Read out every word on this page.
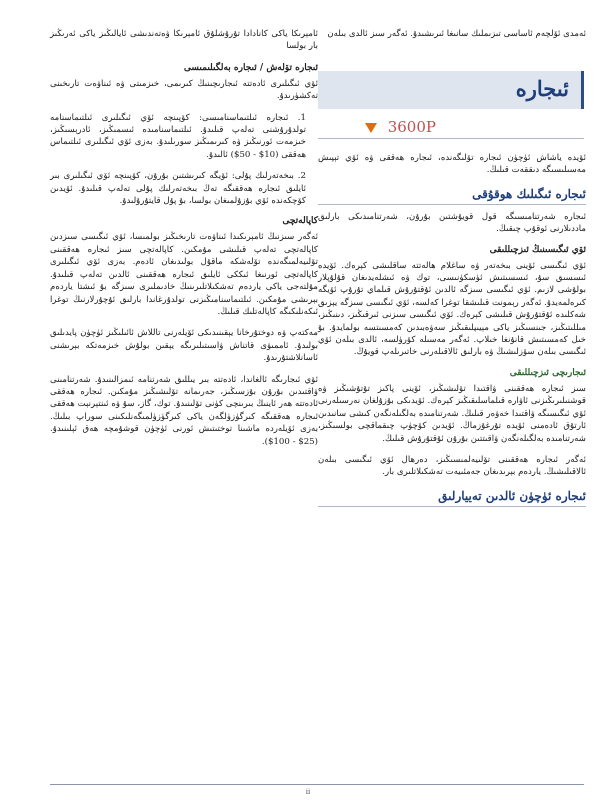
ئەمدى ئۆلچەم ئاساسى تىزىملىك سانىغا ئىرىشىدۇ. ئەگەر سىز ئالدى بىلەن

ئىجارە
3600P

ئۆيدە ياشاش ئۈچۈن ئىجارە تۆلىگەندە، ئىجارە ھەققى ۋە ئۆي تېپىش مەسىلىسىگە دىققەت قىلىڭ.

ئىجارە ئىگىلىك ھوقۇقى

ئىجارە شەرتنامىسىگە قول قويۇشتىن بۇرۇن، شەرتنامىدىكى بارلىق ماددىلارنى ئوقۇپ چىقىڭ.

ئۆي ئىگىسىنىڭ ئىزچىللىقى

ئۆي ئىگىسى ئۆينى بىخەتەر ۋە ساغلام ھالەتتە ساقلىشى كېرەك. ئۆيدە ئىسسىق سۇ، ئىسسىتىش ئۈسكۈنىسى، توك ۋە ئىشلەيدىغان قۇلۇپلار بولۇشى لازىم. ئۆي ئىگىسى سىزگە ئالدىن ئۇقتۇرۇش قىلماي تۇرۇپ ئۆيگە كىرەلمەيدۇ. ئەگەر رېمونت قىلىشقا توغرا كەلسە، ئۆي ئىگىسى سىزگە يېزىق شەكلىدە ئۇقتۇرۇش قىلىشى كېرەك. ئۆي ئىگىسى سىزنى ئىرقىڭىز، دىنىڭىز، مىللىتىڭىز، جىنسىڭىز ياكى مېيىپلىقىڭىز سەۋەبىدىن كەمسىتسە بولمايدۇ. بۇ خىل كەمسىتىش قانۇنغا خىلاپ. ئەگەر مەسىلە كۆرۈلسە، ئالدى بىلەن ئۆي ئىگىسى بىلەن سۆزلىشىڭ ۋە بارلىق ئالاقىلەرنى خاتىرىلەپ قويۇڭ.

ئىجارىچى ئىزچىللىقى

سىز ئىجارە ھەققىنى ۋاقتىدا تۆلىشىڭىز، ئۆينى پاكىز تۇتۇشىڭىز ۋە قوشنىلىرىڭىزنى ئاۋارە قىلماسلىقىڭىز كېرەك. ئۆيدىكى بۇزۇلغان نەرسىلەرنى ئۆي ئىگىسىگە ۋاقتىدا خەۋەر قىلىڭ. شەرتنامىدە بەلگىلەنگەن كىشى سانىدىن ئارتۇق ئادەمنى ئۆيدە تۇرغۇزماڭ. ئۆيدىن كۆچۈپ چىقماقچى بولسىڭىز، شەرتنامىدە بەلگىلەنگەن ۋاقىتتىن بۇرۇن ئۇقتۇرۇش قىلىڭ.

ئەگەر ئىجارە ھەققىنى تۆلىيەلمىسىڭىز، دەرھال ئۆي ئىگىسى بىلەن ئالاقىلىشىڭ. ياردەم بېرىدىغان جەمئىيەت تەشكىلاتلىرى بار.

ئىجارە ئۈچۈن ئالدىن تەييارلىق

ئامېرىكا ياكى كانادادا تۇرۇشلۇق ئامېرىكا ۋەتەندىشى ئايالىڭىز ياكى ئەرىڭىز بار بولسا

ئىجارە تۆلەش / ئىجارە بەلگىلىمىسى

ئۆي ئىگىلىرى ئادەتتە ئىجارىچىنىڭ كىرىمى، خىزمىتى ۋە ئىناۋەت تارىخىنى تەكشۈرىدۇ.

1. ئىجارە ئىلتىماسنامىسى: كۆپىنچە ئۆي ئىگىلىرى ئىلتىماسنامە تولدۇرۇشنى تەلەپ قىلىدۇ. ئىلتىماسنامىدە ئىسمىڭىز، ئادرېسىڭىز، خىزمەت ئورنىڭىز ۋە كىرىمىڭىز سورىلىدۇ. بەزى ئۆي ئىگىلىرى ئىلتىماس ھەققى (10$ - 50$) ئالىدۇ.

2. بىخەتەرلىك پۇلى: ئۆيگە كىرىشتىن بۇرۇن، كۆپىنچە ئۆي ئىگىلىرى بىر ئايلىق ئىجارە ھەققىگە تەڭ بىخەتەرلىك پۇلى تەلەپ قىلىدۇ. ئۆيدىن كۆچكەندە ئۆي بۇزۇلمىغان بولسا، بۇ پۇل قايتۇرۇلىدۇ.

كاپالەتچى

ئەگەر سىزنىڭ ئامېرىكىدا ئىناۋەت تارىخىڭىز بولمىسا، ئۆي ئىگىسى سىزدىن كاپالەتچى تەلەپ قىلىشى مۇمكىن. كاپالەتچى سىز ئىجارە ھەققىنى تۆلىيەلمىگەندە تۆلەشكە ماقۇل بولىدىغان ئادەم. بەزى ئۆي ئىگىلىرى كاپالەتچى ئورنىغا ئىككى ئايلىق ئىجارە ھەققىنى ئالدىن تەلەپ قىلىدۇ. مۇلتەجى ياكى ياردەم تەشكىلاتلىرىنىڭ خادىملىرى سىزگە بۇ ئىشتا ياردەم بېرىشى مۇمكىن. ئىلتىماسنامىڭىزنى تولدۇرغاندا بارلىق ئۇچۇرلارنىڭ توغرا ئىكەنلىكىگە كاپالەتلىك قىلىڭ.

مەكتەپ ۋە دوختۇرخانا يېقىنىدىكى ئۆيلەرنى تاللاش ئائىلىڭىز ئۈچۈن پايدىلىق بولىدۇ. ئاممىۋى قاتناش ۋاسىتىلىرىگە يېقىن بولۇش خىزمەتكە بېرىشنى ئاسانلاشتۇرىدۇ.

ئۆي ئىجارىگە ئالغاندا، ئادەتتە بىر يىللىق شەرتنامە ئىمزالىنىدۇ. شەرتنامىنى ۋاقتىدىن بۇرۇن بۇزسىڭىز، جەرىمانە تۆلىشىڭىز مۇمكىن. ئىجارە ھەققى ئادەتتە ھەر ئاينىڭ بىرىنچى كۈنى تۆلىنىدۇ. توك، گاز، سۇ ۋە ئىنتېرنېت ھەققى ئىجارە ھەققىگە كىرگۈزۈلگەن ياكى كىرگۈزۈلمىگەنلىكىنى سوراپ بىلىڭ. بەزى ئۆيلەردە ماشىنا توختىتىش ئورنى ئۈچۈن قوشۇمچە ھەق ئېلىنىدۇ. (25$ - 100$).

ii
